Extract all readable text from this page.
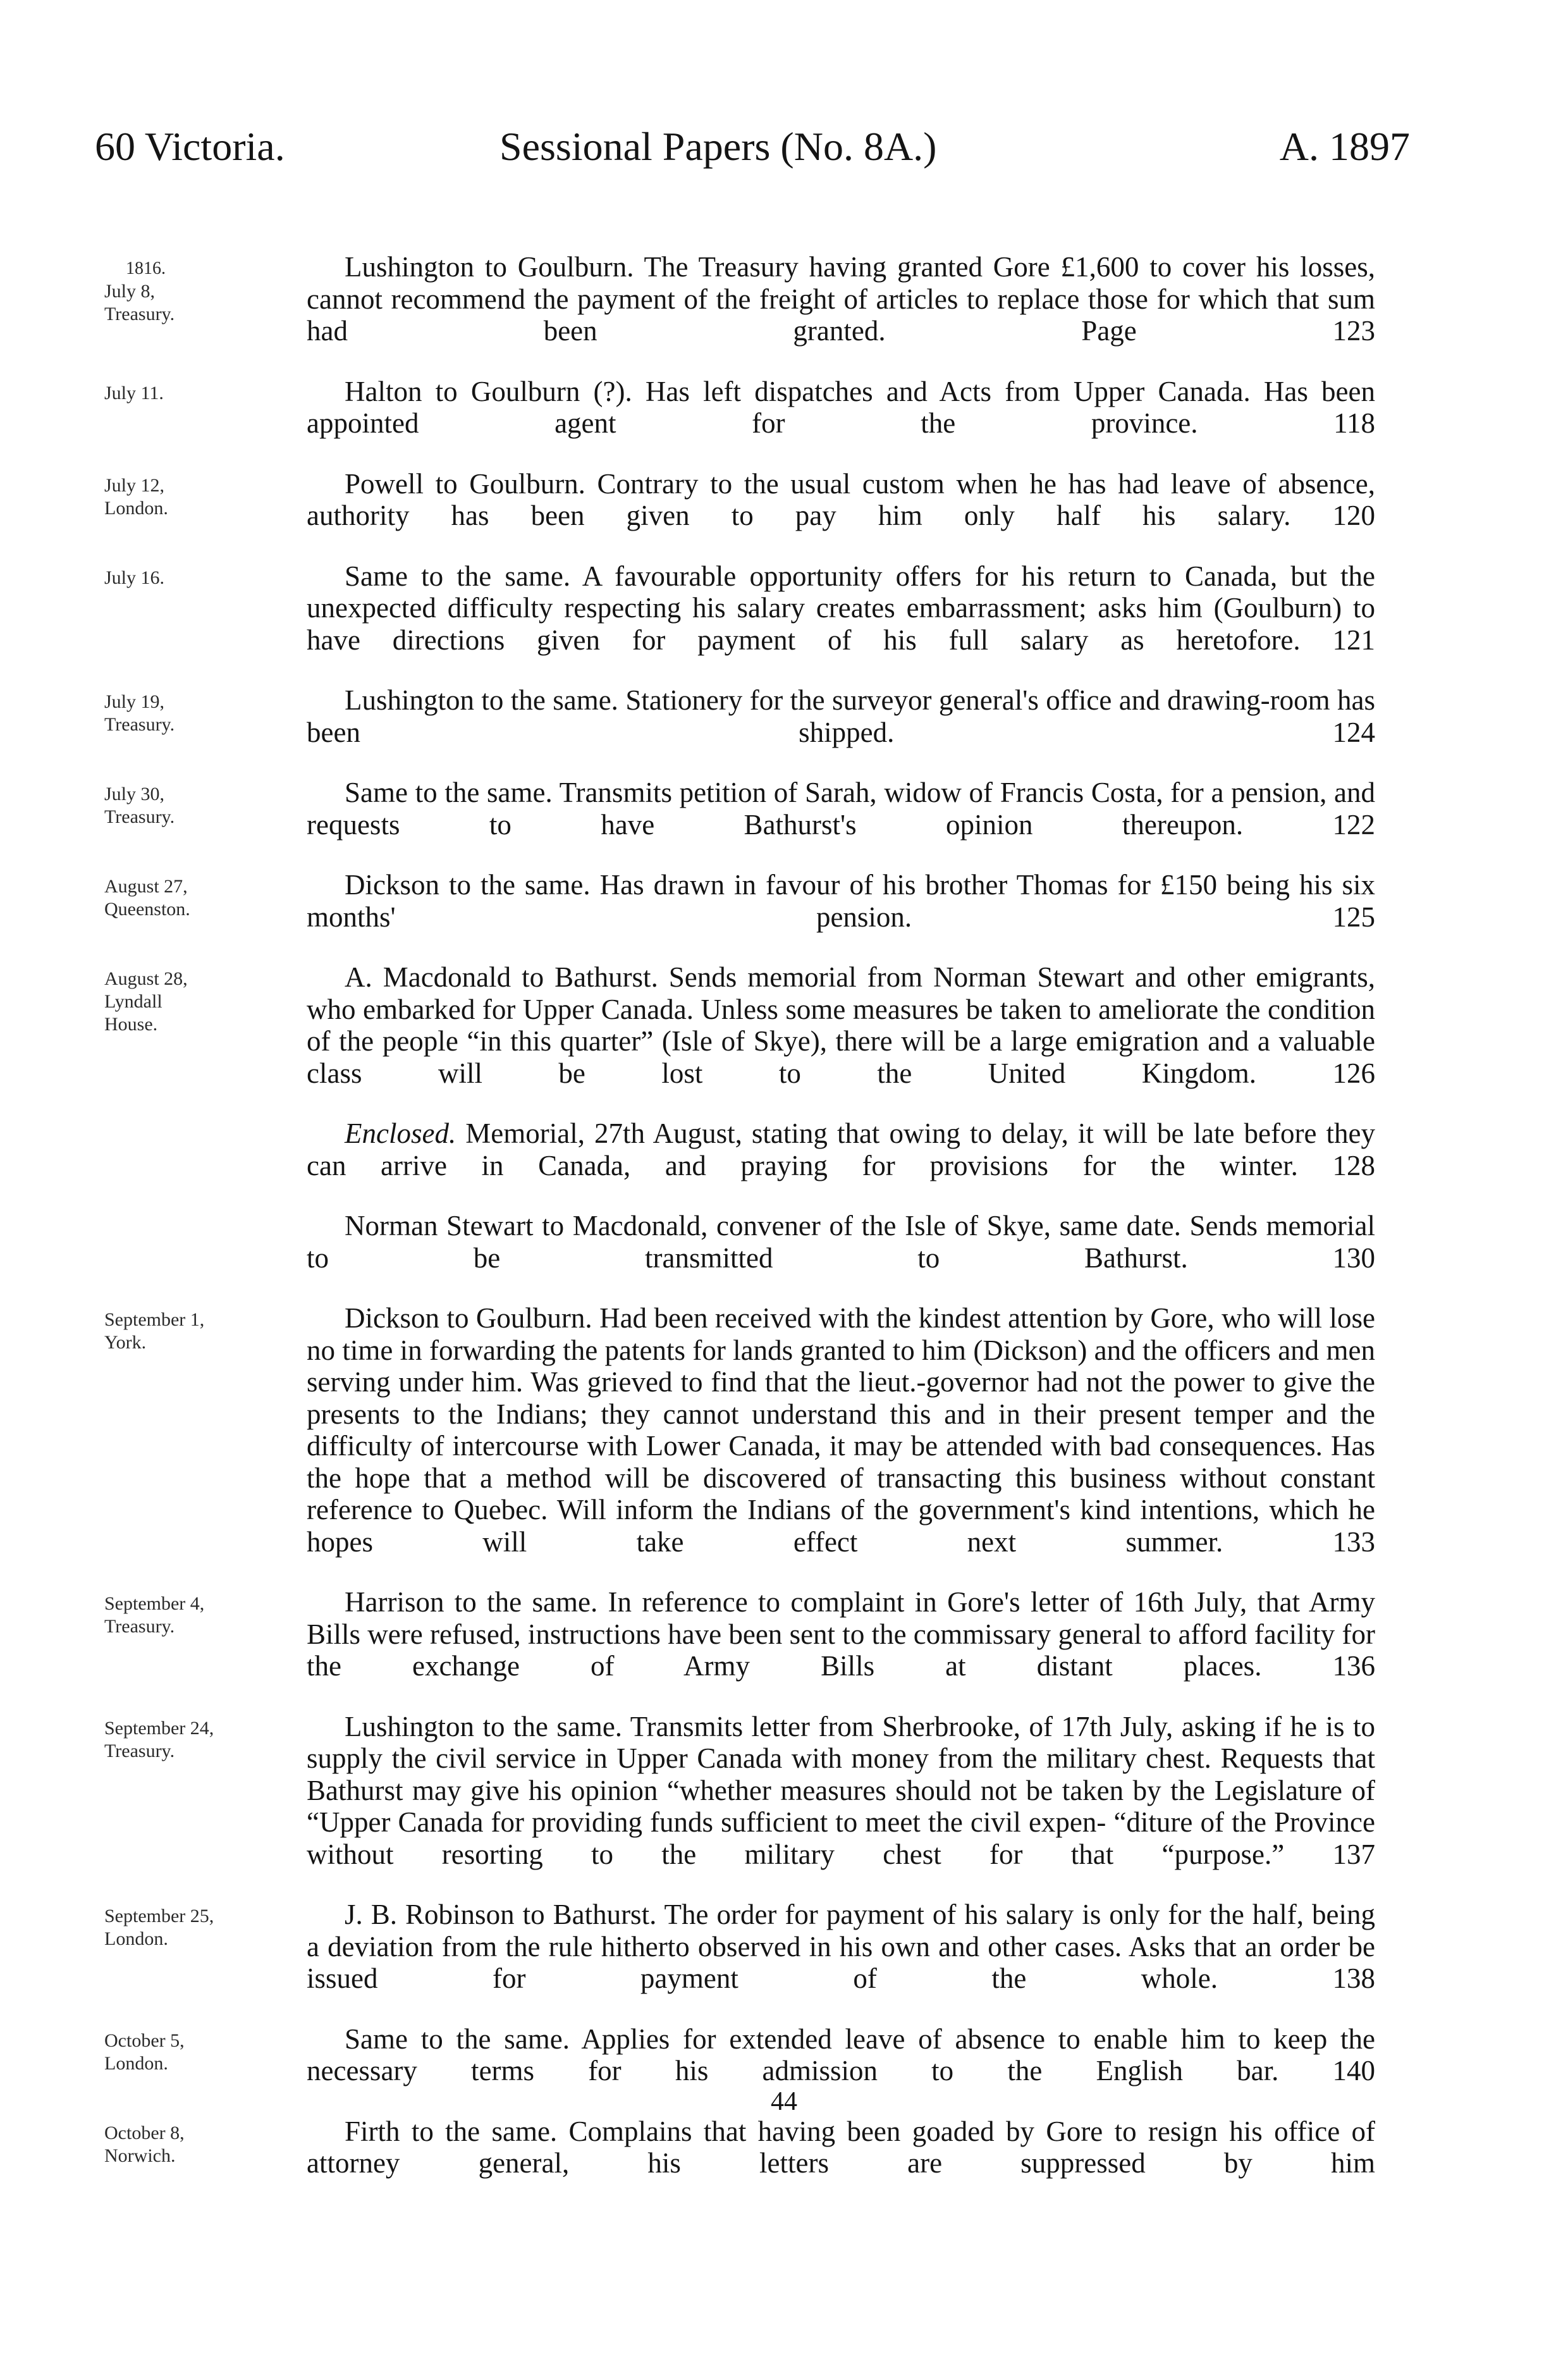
60 Victoria.	Sessional Papers (No. 8A.)	A. 1897
1816.
July 8,
Treasury.

Lushington to Goulburn. The Treasury having granted Gore £1,600 to cover his losses, cannot recommend the payment of the freight of articles to replace those for which that sum had been granted. Page 123

July 11.	Halton to Goulburn (?). Has left dispatches and Acts from Upper Canada. Has been appointed agent for the province. 118

July 12,
London.

Powell to Goulburn. Contrary to the usual custom when he has had leave of absence, authority has been given to pay him only half his salary. 120

July 16.	Same to the same. A favourable opportunity offers for his return to Canada, but the unexpected difficulty respecting his salary creates embarrassment; asks him (Goulburn) to have directions given for payment of his full salary as heretofore. 121

July 19,
Treasury.

Lushington to the same. Stationery for the surveyor general's office and drawing-room has been shipped. 124

July 30,
Treasury.

Same to the same. Transmits petition of Sarah, widow of Francis Costa, for a pension, and requests to have Bathurst's opinion thereupon. 122

August 27,
Queenston.

Dickson to the same. Has drawn in favour of his brother Thomas for £150 being his six months' pension. 125

August 28,
Lyndall
House.

A. Macdonald to Bathurst. Sends memorial from Norman Stewart and other emigrants, who embarked for Upper Canada. Unless some measures be taken to ameliorate the condition of the people “in this quarter” (Isle of Skye), there will be a large emigration and a valuable class will be lost to the United Kingdom. 126

Enclosed. Memorial, 27th August, stating that owing to delay, it will be late before they can arrive in Canada, and praying for provisions for the winter. 128

Norman Stewart to Macdonald, convener of the Isle of Skye, same date. Sends memorial to be transmitted to Bathurst. 130

September 1,
York.

Dickson to Goulburn. Had been received with the kindest attention by Gore, who will lose no time in forwarding the patents for lands granted to him (Dickson) and the officers and men serving under him. Was grieved to find that the lieut.-governor had not the power to give the presents to the Indians; they cannot understand this and in their present temper and the difficulty of intercourse with Lower Canada, it may be attended with bad consequences. Has the hope that a method will be discovered of transacting this business without constant reference to Quebec. Will inform the Indians of the government's kind intentions, which he hopes will take effect next summer. 133

September 4,
Treasury.

Harrison to the same. In reference to complaint in Gore's letter of 16th July, that Army Bills were refused, instructions have been sent to the commissary general to afford facility for the exchange of Army Bills at distant places. 136

September 24,
Treasury.

Lushington to the same. Transmits letter from Sherbrooke, of 17th July, asking if he is to supply the civil service in Upper Canada with money from the military chest. Requests that Bathurst may give his opinion “whether measures should not be taken by the Legislature of “Upper Canada for providing funds sufficient to meet the civil expen- “diture of the Province without resorting to the military chest for that “purpose.” 137

September 25,
London.

J. B. Robinson to Bathurst. The order for payment of his salary is only for the half, being a deviation from the rule hitherto observed in his own and other cases. Asks that an order be issued for payment of the whole. 138

October 5,
London.

Same to the same. Applies for extended leave of absence to enable him to keep the necessary terms for his admission to the English bar. 140

October 8,
Norwich.

Firth to the same. Complains that having been goaded by Gore to resign his office of attorney general, his letters are suppressed by him

44
